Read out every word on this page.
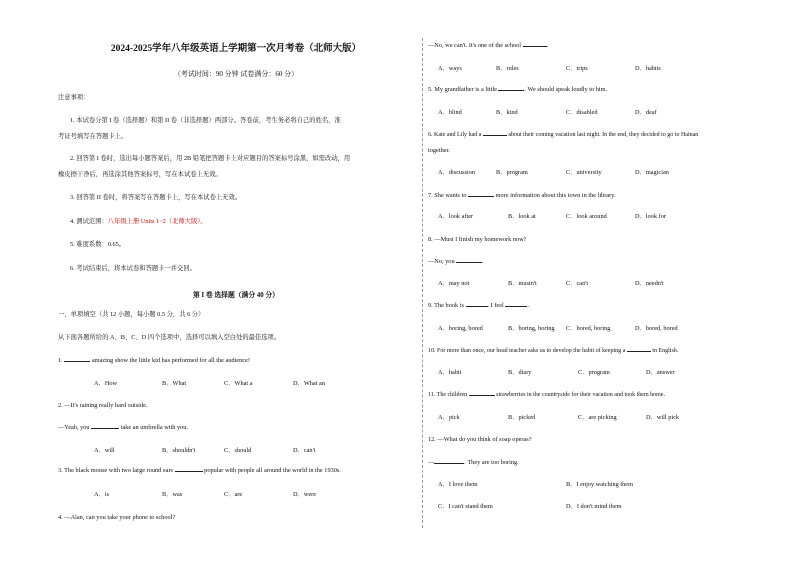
2024-2025学年八年级英语上学期第一次月考卷（北师大版）
（考试时间：90 分钟 试卷满分：60 分）
注意事项：
1. 本试卷分第 I 卷（选择题）和第 II 卷（非选择题）两部分。答卷前，考生务必将自己的姓名、准
考证号填写在答题卡上。
2. 回答第 I 卷时，选出每小题答案后，用 2B 铅笔把答题卡上对应题目的答案标号涂黑，如需改动，用
橡皮擦干净后，再选涂其他答案标号，写在本试卷上无效。
3. 回答第 II 卷时，将答案写在答题卡上，写在本试卷上无效。
4. 测试范围：八年级上册 Units 1~2（北师大版）。
5. 难度系数：0.65。
6. 考试结束后，将本试卷和答题卡一并交回。
第 I 卷 选择题（满分 40 分）
一、单项填空（共 12 小题，每小题 0.5 分，共 6 分）
从下面各题所给的 A、B、C、D 四个选项中，选择可以填入空白处的最佳选项。
1.	amazing show the little kid has performed for all the audience!
A．How	B．What	C．What a	D．What an
2. —It's raining really hard outside.
—Yeah, you	take an umbrella with you.
A．will	B．shouldn't	C．should	D．can't
3. The black mouse with two large round ears	popular with people all around the world in the 1930s.
A．is	B．was	C．are	D．were
4. —Alan, can you take your phone to school?
—No, we can't. It's one of the school	.
A．ways	B．rules	C．trips	D．habits
5. My grandfather is a little	. We should speak loudly to him.
A．blind	B．kind	C．disabled	D．deaf
6. Kate and Lily had a	about their coming vacation last night. In the end, they decided to go to Hainan
together.
A．discussion	B．program	C．university	D．magician
7. She wants to	more information about this town in the library.
A．look after	B．look at	C．look around	D．look for
8. —Must I finish my homework now?
—No, you	.
A．may not	B．mustn't	C．can't	D．needn't
9. The book is	. I feel	.
A．boring, bored	B．boring, boring C．bored, boring	D．bored, bored
10. For more than once, our head teacher asks us to develop the habit of keeping a	in English.
A．habit	B．diary	C．program	D．answer
11. The children	strawberries in the countryside for their vacation and took them home.
A．pick	B．picked	C．are picking	D．will pick
12. —What do you think of soap operas?
—	. They are too boring.
A．I love them	B．I enjoy watching them
C．I can't stand them	D．I don't mind them
